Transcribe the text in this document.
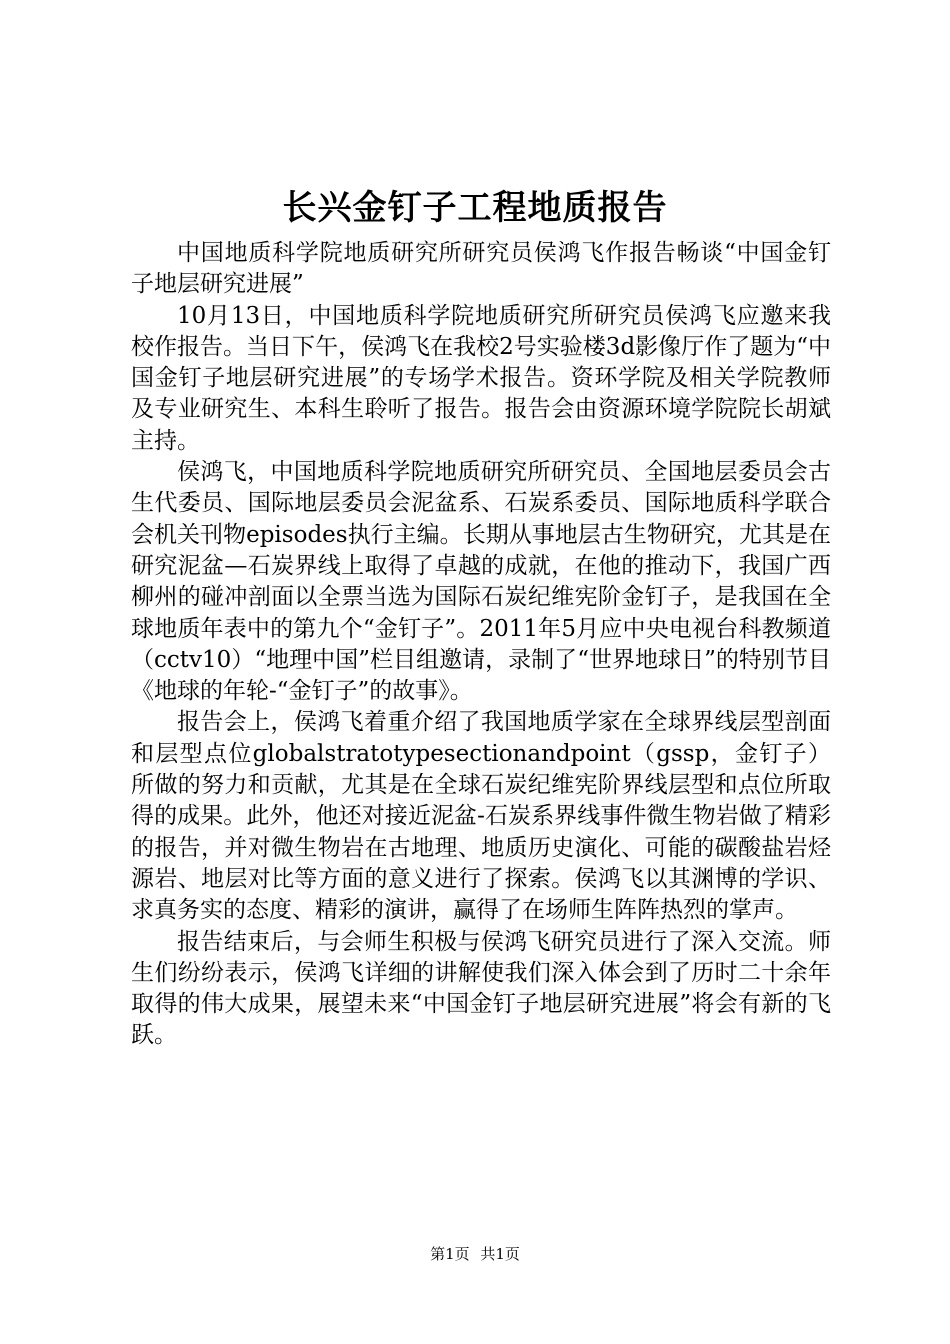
长兴金钉子工程地质报告

中国地质科学院地质研究所研究员侯鸿飞作报告畅谈“中国金钉子地层研究进展”

10月13日，中国地质科学院地质研究所研究员侯鸿飞应邀来我校作报告。当日下午，侯鸿飞在我校2号实验楼3d影像厅作了题为“中国金钉子地层研究进展”的专场学术报告。资环学院及相关学院教师及专业研究生、本科生聆听了报告。报告会由资源环境学院院长胡斌主持。

侯鸿飞，中国地质科学院地质研究所研究员、全国地层委员会古生代委员、国际地层委员会泥盆系、石炭系委员、国际地质科学联合会机关刊物episodes执行主编。长期从事地层古生物研究，尤其是在研究泥盆—石炭界线上取得了卓越的成就，在他的推动下，我国广西柳州的碰冲剖面以全票当选为国际石炭纪维宪阶金钉子，是我国在全球地质年表中的第九个“金钉子”。2011年5月应中央电视台科教频道（cctv10）“地理中国”栏目组邀请，录制了“世界地球日”的特别节目《地球的年轮-“金钉子”的故事》。

报告会上，侯鸿飞着重介绍了我国地质学家在全球界线层型剖面和层型点位globalstratotypesectionandpoint（gssp，金钉子）所做的努力和贡献，尤其是在全球石炭纪维宪阶界线层型和点位所取得的成果。此外，他还对接近泥盆-石炭系界线事件微生物岩做了精彩的报告，并对微生物岩在古地理、地质历史演化、可能的碳酸盐岩烃源岩、地层对比等方面的意义进行了探索。侯鸿飞以其渊博的学识、求真务实的态度、精彩的演讲，赢得了在场师生阵阵热烈的掌声。

报告结束后，与会师生积极与侯鸿飞研究员进行了深入交流。师生们纷纷表示，侯鸿飞详细的讲解使我们深入体会到了历时二十余年取得的伟大成果，展望未来“中国金钉子地层研究进展”将会有新的飞跃。

第1页 共1页
